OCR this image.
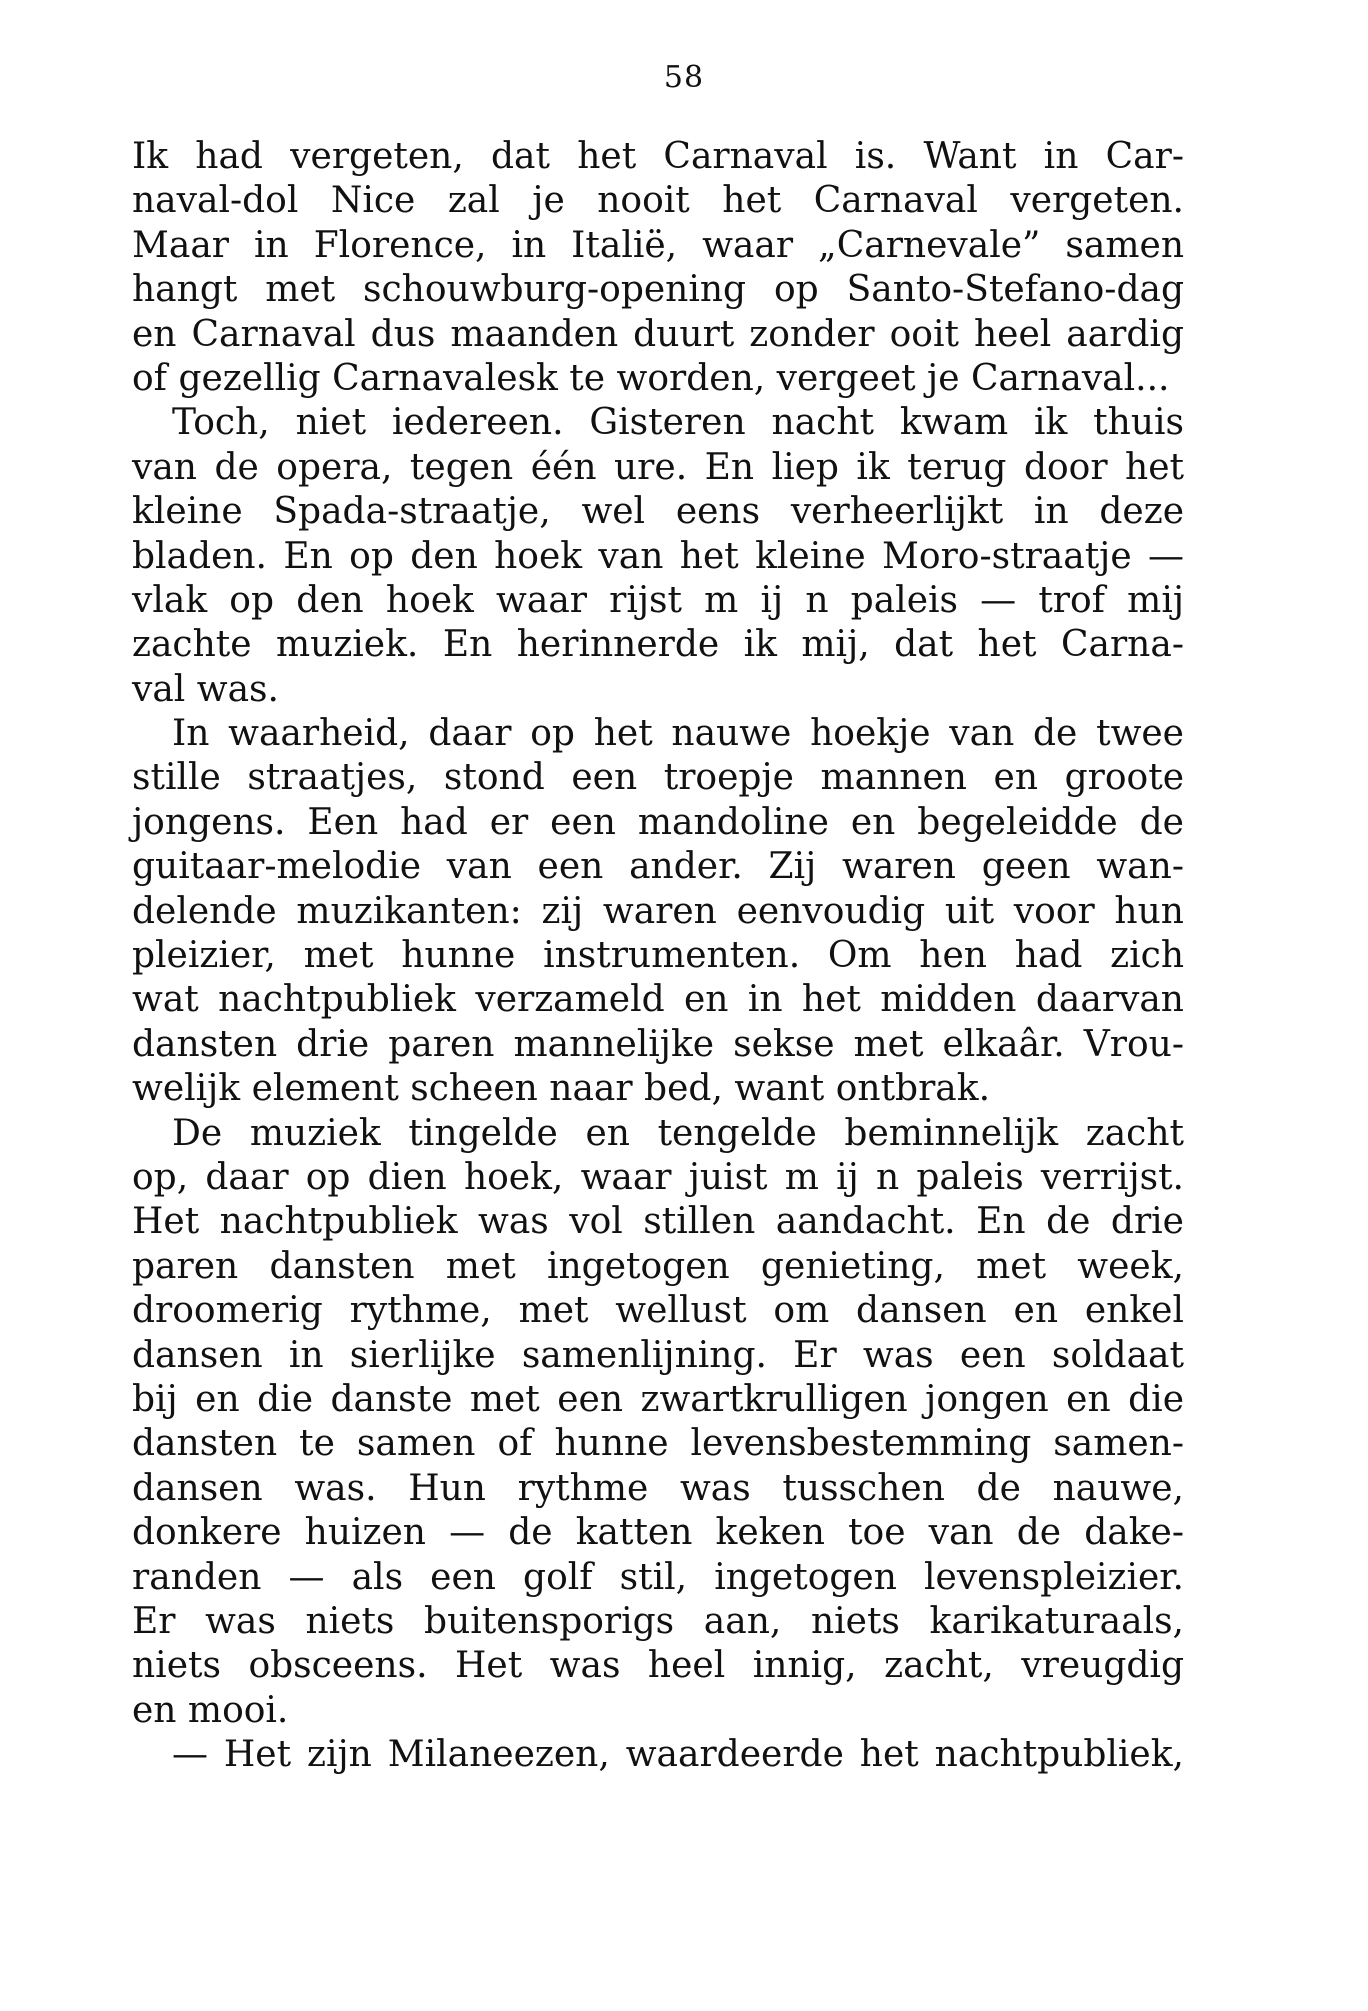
58
Ik had vergeten, dat het Carnaval is. Want in Car-
naval-dol Nice zal je nooit het Carnaval vergeten.
Maar in Florence, in Italië, waar „Carnevale” samen
hangt met schouwburg-opening op Santo-Stefano-dag
en Carnaval dus maanden duurt zonder ooit heel aardig
of gezellig Carnavalesk te worden, vergeet je Carnaval...
Toch, niet iedereen. Gisteren nacht kwam ik thuis
van de opera, tegen één ure. En liep ik terug door het
kleine Spada-straatje, wel eens verheerlijkt in deze
bladen. En op den hoek van het kleine Moro-straatje —
vlak op den hoek waar rijst m ij n paleis — trof mij
zachte muziek. En herinnerde ik mij, dat het Carna-
val was.
In waarheid, daar op het nauwe hoekje van de twee
stille straatjes, stond een troepje mannen en groote
jongens. Een had er een mandoline en begeleidde de
guitaar-melodie van een ander. Zij waren geen wan-
delende muzikanten: zij waren eenvoudig uit voor hun
pleizier, met hunne instrumenten. Om hen had zich
wat nachtpubliek verzameld en in het midden daarvan
dansten drie paren mannelijke sekse met elkaâr. Vrou-
welijk element scheen naar bed, want ontbrak.
De muziek tingelde en tengelde beminnelijk zacht
op, daar op dien hoek, waar juist m ij n paleis verrijst.
Het nachtpubliek was vol stillen aandacht. En de drie
paren dansten met ingetogen genieting, met week,
droomerig rythme, met wellust om dansen en enkel
dansen in sierlijke samenlijning. Er was een soldaat
bij en die danste met een zwartkrulligen jongen en die
dansten te samen of hunne levensbestemming samen-
dansen was. Hun rythme was tusschen de nauwe,
donkere huizen — de katten keken toe van de dake-
randen — als een golf stil, ingetogen levenspleizier.
Er was niets buitensporigs aan, niets karikaturaals,
niets obsceens. Het was heel innig, zacht, vreugdig
en mooi.
— Het zijn Milaneezen, waardeerde het nachtpubliek,
